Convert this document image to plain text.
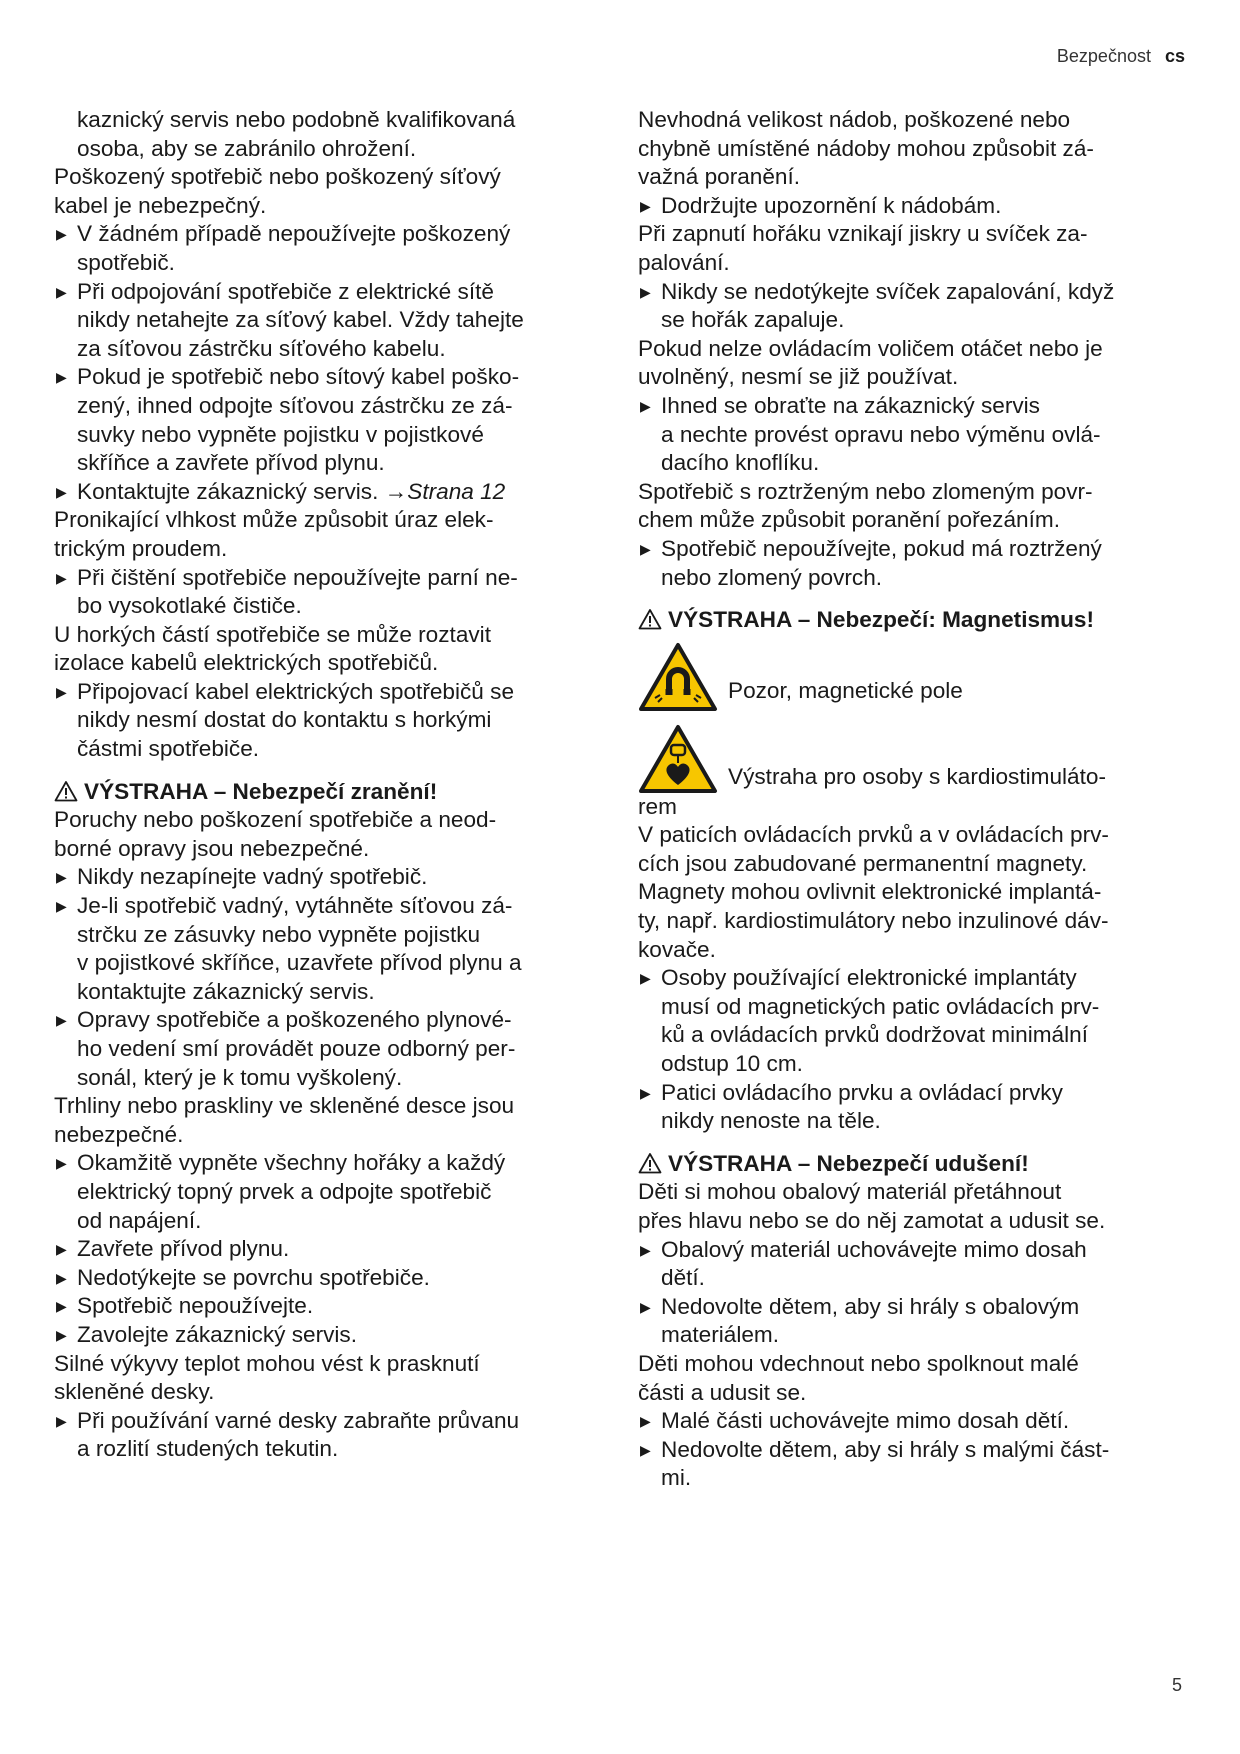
Bezpečnost cs

kaznický servis nebo podobně kvalifikovaná

osoba, aby se zabránilo ohrožení.

Poškozený spotřebič nebo poškozený síťový

kabel je nebezpečný.

▶ V žádném případě nepoužívejte poškozený

spotřebič.

▶ Při odpojování spotřebiče z elektrické sítě

nikdy netahejte za síťový kabel. Vždy tahejte

za síťovou zástrčku síťového kabelu.

▶ Pokud je spotřebič nebo sítový kabel poško-

zený, ihned odpojte síťovou zástrčku ze zá-

suvky nebo vypněte pojistku v pojistkové

skříňce a zavřete přívod plynu.

▶ Kontaktujte zákaznický servis. →Strana 12

Pronikající vlhkost může způsobit úraz elek-

trickým proudem.

▶ Při čištění spotřebiče nepoužívejte parní ne-

bo vysokotlaké čističe.

U horkých částí spotřebiče se může roztavit

izolace kabelů elektrických spotřebičů.

▶ Připojovací kabel elektrických spotřebičů se

nikdy nesmí dostat do kontaktu s horkými

částmi spotřebiče.

VÝSTRAHA – Nebezpečí zranění!

Poruchy nebo poškození spotřebiče a neod-

borné opravy jsou nebezpečné.

▶ Nikdy nezapínejte vadný spotřebič.

▶ Je-li spotřebič vadný, vytáhněte síťovou zá-

strčku ze zásuvky nebo vypněte pojistku

v pojistkové skříňce, uzavřete přívod plynu a

kontaktujte zákaznický servis.

▶ Opravy spotřebiče a poškozeného plynové-

ho vedení smí provádět pouze odborný per-

sonál, který je k tomu vyškolený.

Trhliny nebo praskliny ve skleněné desce jsou

nebezpečné.

▶ Okamžitě vypněte všechny hořáky a každý

elektrický topný prvek a odpojte spotřebič

od napájení.

▶ Zavřete přívod plynu.

▶ Nedotýkejte se povrchu spotřebiče.

▶ Spotřebič nepoužívejte.

▶ Zavolejte zákaznický servis.

Silné výkyvy teplot mohou vést k prasknutí

skleněné desky.

▶ Při používání varné desky zabraňte průvanu

a rozlití studených tekutin.

Nevhodná velikost nádob, poškozené nebo

chybně umístěné nádoby mohou způsobit zá-

važná poranění.

▶ Dodržujte upozornění k nádobám.

Při zapnutí hořáku vznikají jiskry u svíček za-

palování.

▶ Nikdy se nedotýkejte svíček zapalování, když

se hořák zapaluje.

Pokud nelze ovládacím voličem otáčet nebo je

uvolněný, nesmí se již používat.

▶ Ihned se obraťte na zákaznický servis

a nechte provést opravu nebo výměnu ovlá-

dacího knoflíku.

Spotřebič s roztrženým nebo zlomeným povr-

chem může způsobit poranění pořezáním.

▶ Spotřebič nepoužívejte, pokud má roztržený

nebo zlomený povrch.

VÝSTRAHA – Nebezpečí: Magnetismus!

Pozor, magnetické pole
Výstraha pro osoby s kardiostimuláto-

rem

V paticích ovládacích prvků a v ovládacích prv-

cích jsou zabudované permanentní magnety.

Magnety mohou ovlivnit elektronické implantá-

ty, např. kardiostimulátory nebo inzulinové dáv-

kovače.

▶ Osoby používající elektronické implantáty

musí od magnetických patic ovládacích prv-

ků a ovládacích prvků dodržovat minimální

odstup 10 cm.

▶ Patici ovládacího prvku a ovládací prvky

nikdy nenoste na těle.

VÝSTRAHA – Nebezpečí udušení!

Děti si mohou obalový materiál přetáhnout

přes hlavu nebo se do něj zamotat a udusit se.

▶ Obalový materiál uchovávejte mimo dosah

dětí.

▶ Nedovolte dětem, aby si hrály s obalovým

materiálem.

Děti mohou vdechnout nebo spolknout malé

části a udusit se.

▶ Malé části uchovávejte mimo dosah dětí.

▶ Nedovolte dětem, aby si hrály s malými část-

mi.

5
